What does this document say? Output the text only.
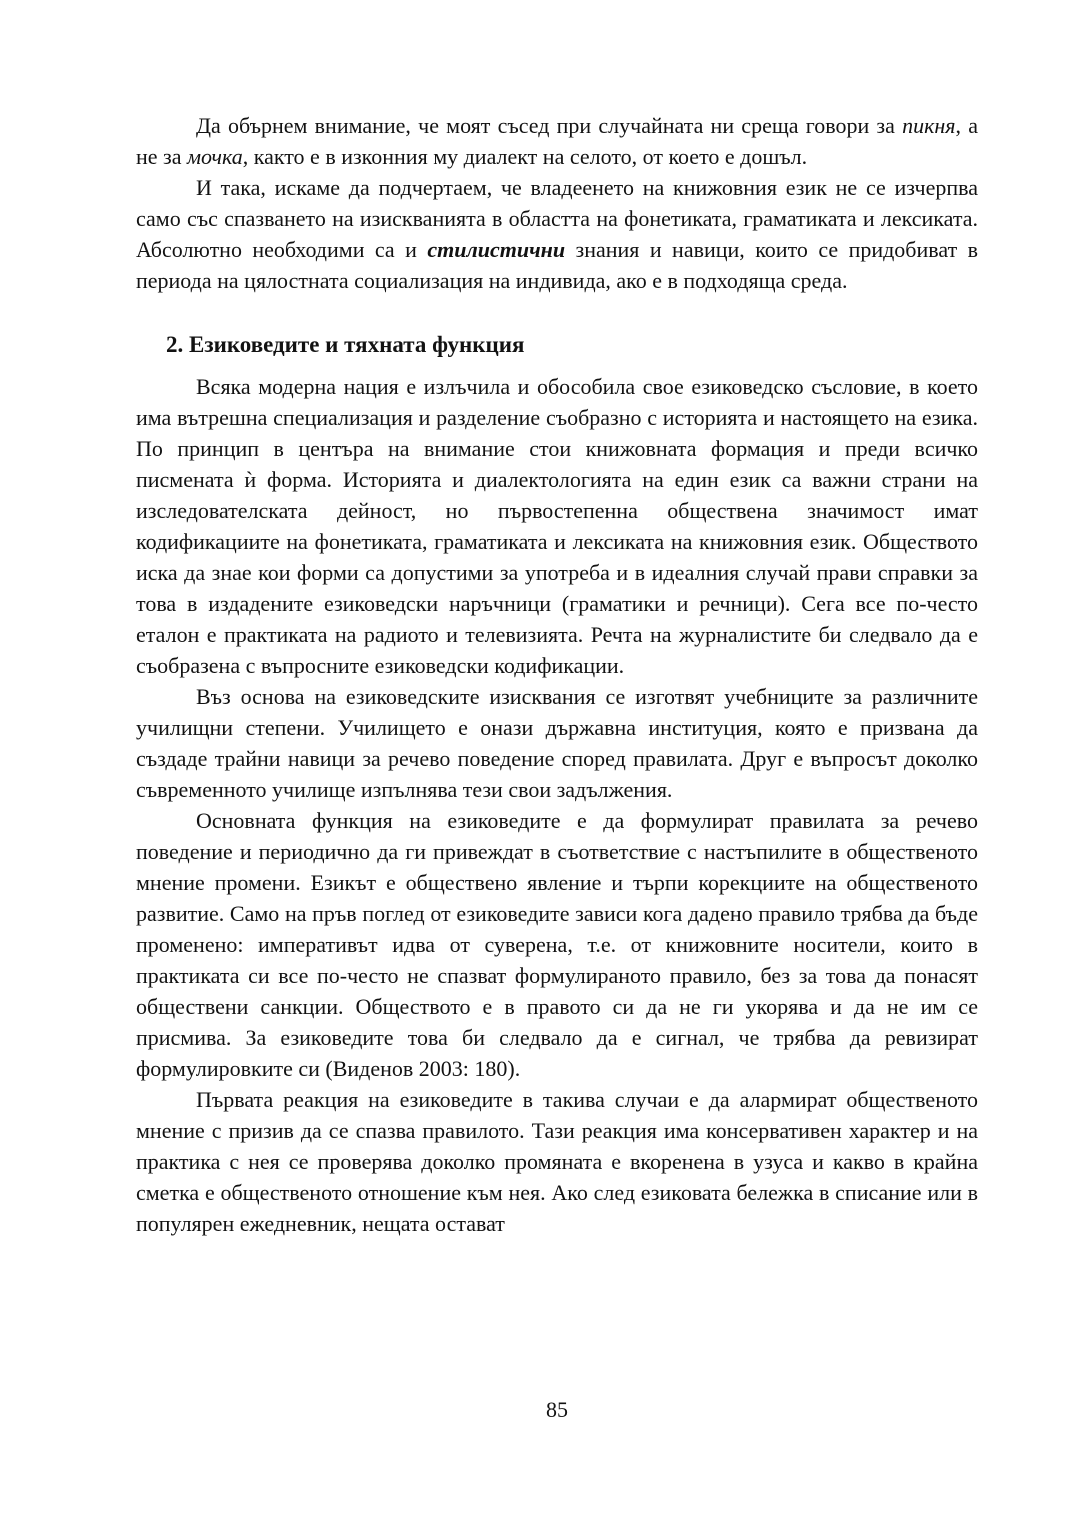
Да обърнем внимание, че моят съсед при случайната ни среща говори за пикня, а не за мочка, както е в изконния му диалект на селото, от което е дошъл.

И така, искаме да подчертаем, че владеенето на книжовния език не се изчерпва само със спазването на изискванията в областта на фонетиката, граматиката и лексиката. Абсолютно необходими са и стилистични знания и навици, които се придобиват в периода на цялостната социализация на индивида, ако е в подходяща среда.

2. Езиковедите и тяхната функция

Всяка модерна нация е излъчила и обособила свое езиковедско съсловие, в което има вътрешна специализация и разделение съобразно с историята и настоящето на езика. По принцип в центъра на внимание стои книжовната формация и преди всичко писмената ѝ форма. Историята и диалектологията на един език са важни страни на изследователската дейност, но първостепенна обществена значимост имат кодификациите на фонетиката, граматиката и лексиката на книжовния език. Обществото иска да знае кои форми са допустими за употреба и в идеалния случай прави справки за това в издадените езиковедски наръчници (граматики и речници). Сега все по-често еталон е практиката на радиото и телевизията. Речта на журналистите би следвало да е съобразена с въпросните езиковедски кодификации.

Въз основа на езиковедските изисквания се изготвят учебниците за различните училищни степени. Училището е онази държавна институция, която е призвана да създаде трайни навици за речево поведение според правилата. Друг е въпросът доколко съвременното училище изпълнява тези свои задължения.

Основната функция на езиковедите е да формулират правилата за речево поведение и периодично да ги привеждат в съответствие с настъпилите в общественото мнение промени. Езикът е обществено явление и търпи корекциите на общественото развитие. Само на пръв поглед от езиковедите зависи кога дадено правило трябва да бъде променено: императивът идва от суверена, т.е. от книжовните носители, които в практиката си все по-често не спазват формулираното правило, без за това да понасят обществени санкции. Обществото е в правото си да не ги укорява и да не им се присмива. За езиковедите това би следвало да е сигнал, че трябва да ревизират формулировките си (Виденов 2003: 180).

Първата реакция на езиковедите в такива случаи е да алармират общественото мнение с призив да се спазва правилото. Тази реакция има консервативен характер и на практика с нея се проверява доколко промяната е вкоренена в узуса и какво в крайна сметка е общественото отношение към нея. Ако след езиковата бележка в списание или в популярен ежедневник, нещата остават

85
